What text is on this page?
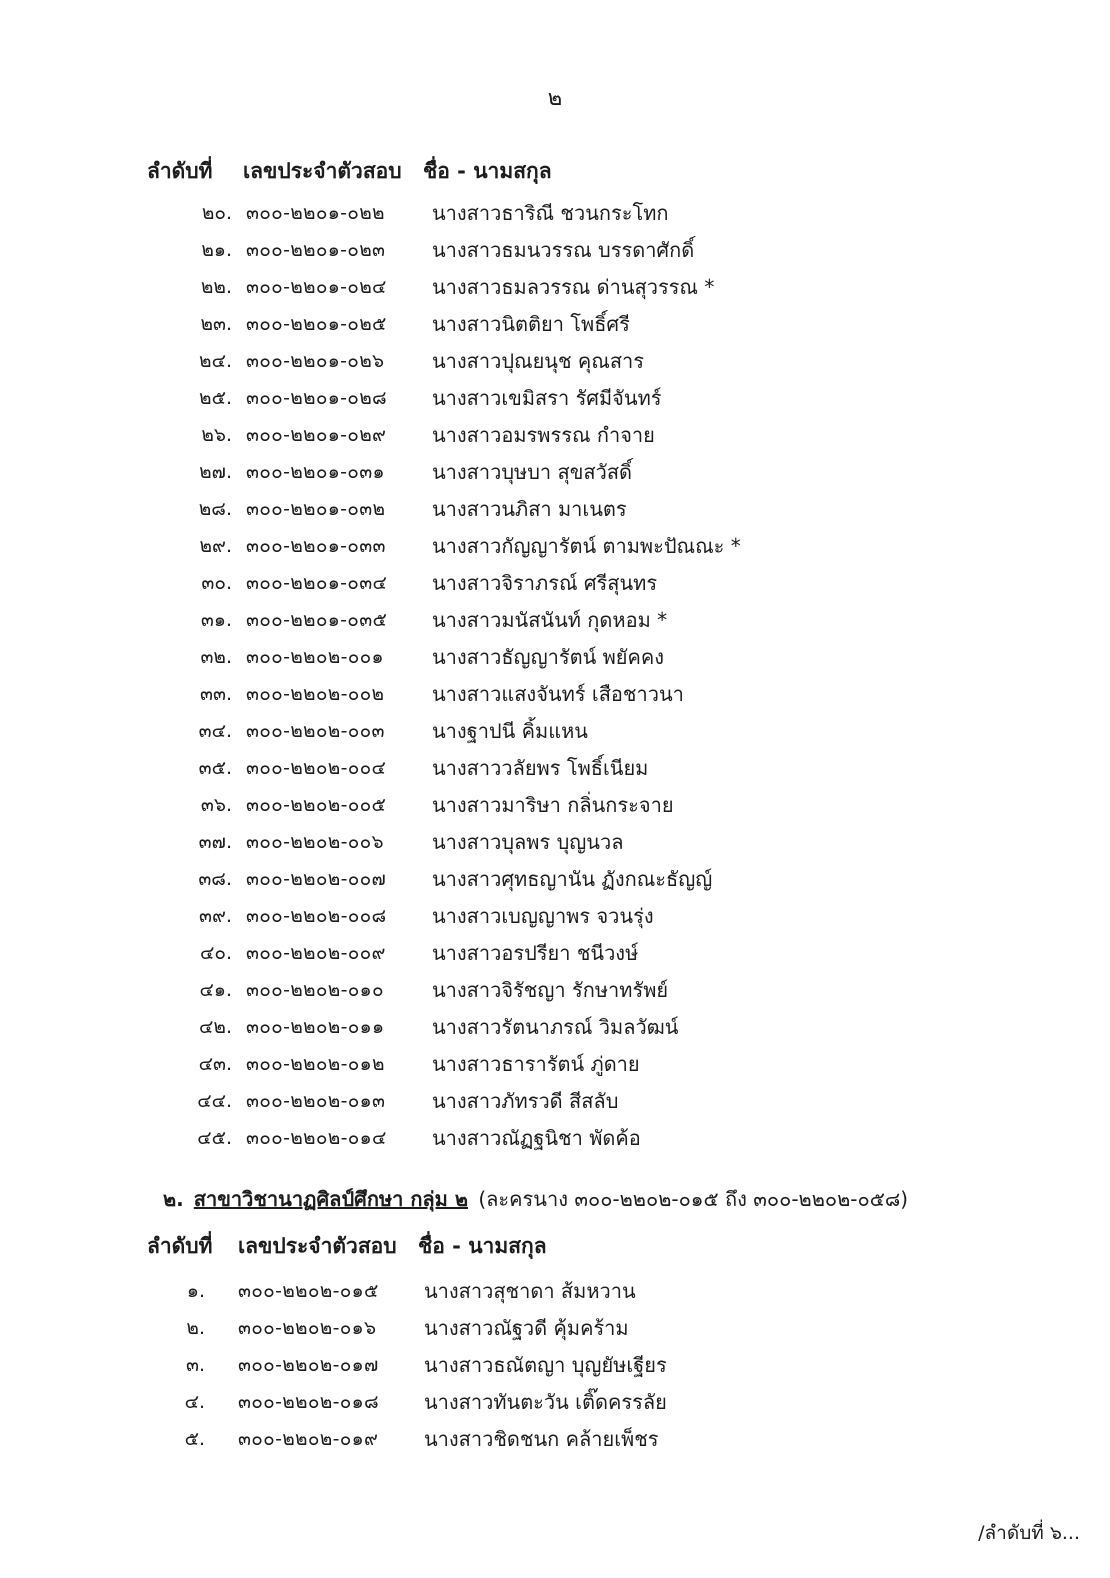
๒
ลำดับที่	เลขประจำตัวสอบ	ชื่อ - นามสกุล
๒๐. ๓๐๐-๒๒๐๑-๐๒๒	นางสาวธาริณี ชวนกระโทก
๒๑. ๓๐๐-๒๒๐๑-๐๒๓	นางสาวธมนวรรณ บรรดาศักดิ์
๒๒. ๓๐๐-๒๒๐๑-๐๒๔	นางสาวธมลวรรณ ด่านสุวรรณ *
๒๓. ๓๐๐-๒๒๐๑-๐๒๕	นางสาวนิตติยา โพธิ์ศรี
๒๔. ๓๐๐-๒๒๐๑-๐๒๖	นางสาวปุณยนุช คุณสาร
๒๕. ๓๐๐-๒๒๐๑-๐๒๘	นางสาวเขมิสรา รัศมีจันทร์
๒๖. ๓๐๐-๒๒๐๑-๐๒๙	นางสาวอมรพรรณ กำจาย
๒๗. ๓๐๐-๒๒๐๑-๐๓๑	นางสาวบุษบา สุขสวัสดิ์
๒๘. ๓๐๐-๒๒๐๑-๐๓๒	นางสาวนภิสา มาเนตร
๒๙. ๓๐๐-๒๒๐๑-๐๓๓	นางสาวกัญญารัตน์ ตามพะปัณณะ *
๓๐. ๓๐๐-๒๒๐๑-๐๓๔	นางสาวจิราภรณ์ ศรีสุนทร
๓๑. ๓๐๐-๒๒๐๑-๐๓๕	นางสาวมนัสนันท์ กุดหอม *
๓๒. ๓๐๐-๒๒๐๒-๐๐๑	นางสาวธัญญารัตน์ พยัคคง
๓๓. ๓๐๐-๒๒๐๒-๐๐๒	นางสาวแสงจันทร์ เสือชาวนา
๓๔. ๓๐๐-๒๒๐๒-๐๐๓	นางฐาปนี คิ้มแหน
๓๕. ๓๐๐-๒๒๐๒-๐๐๔	นางสาววลัยพร โพธิ์เนียม
๓๖. ๓๐๐-๒๒๐๒-๐๐๕	นางสาวมาริษา กลิ่นกระจาย
๓๗. ๓๐๐-๒๒๐๒-๐๐๖	นางสาวบุลพร บุญนวล
๓๘. ๓๐๐-๒๒๐๒-๐๐๗	นางสาวศุทธญานัน ฏังกณะธัญญ์
๓๙. ๓๐๐-๒๒๐๒-๐๐๘	นางสาวเบญญาพร จวนรุ่ง
๔๐. ๓๐๐-๒๒๐๒-๐๐๙	นางสาวอรปรียา ชนีวงษ์
๔๑. ๓๐๐-๒๒๐๒-๐๑๐	นางสาวจิรัชญา รักษาทรัพย์
๔๒. ๓๐๐-๒๒๐๒-๐๑๑	นางสาวรัตนาภรณ์ วิมลวัฒน์
๔๓. ๓๐๐-๒๒๐๒-๐๑๒	นางสาวธารารัตน์ ภู่ดาย
๔๔. ๓๐๐-๒๒๐๒-๐๑๓	นางสาวภัทรวดี สีสลับ
๔๕. ๓๐๐-๒๒๐๒-๐๑๔	นางสาวณัฏฐนิชา พัดค้อ
๒. สาขาวิชานาฏศิลป์ศึกษา กลุ่ม ๒ (ละครนาง ๓๐๐-๒๒๐๒-๐๑๕ ถึง ๓๐๐-๒๒๐๒-๐๕๘)
ลำดับที่	เลขประจำตัวสอบ	ชื่อ - นามสกุล
๑.	๓๐๐-๒๒๐๒-๐๑๕	นางสาวสุชาดา ส้มหวาน
๒.	๓๐๐-๒๒๐๒-๐๑๖	นางสาวณัฐวดี คุ้มคร้าม
๓.	๓๐๐-๒๒๐๒-๐๑๗	นางสาวธณัตญา บุญยัษเฐียร
๔.	๓๐๐-๒๒๐๒-๐๑๘	นางสาวทันตะวัน เติ๊ดครรลัย
๕.	๓๐๐-๒๒๐๒-๐๑๙	นางสาวชิดชนก คล้ายเพ็ชร
/ลำดับที่ ๖...
